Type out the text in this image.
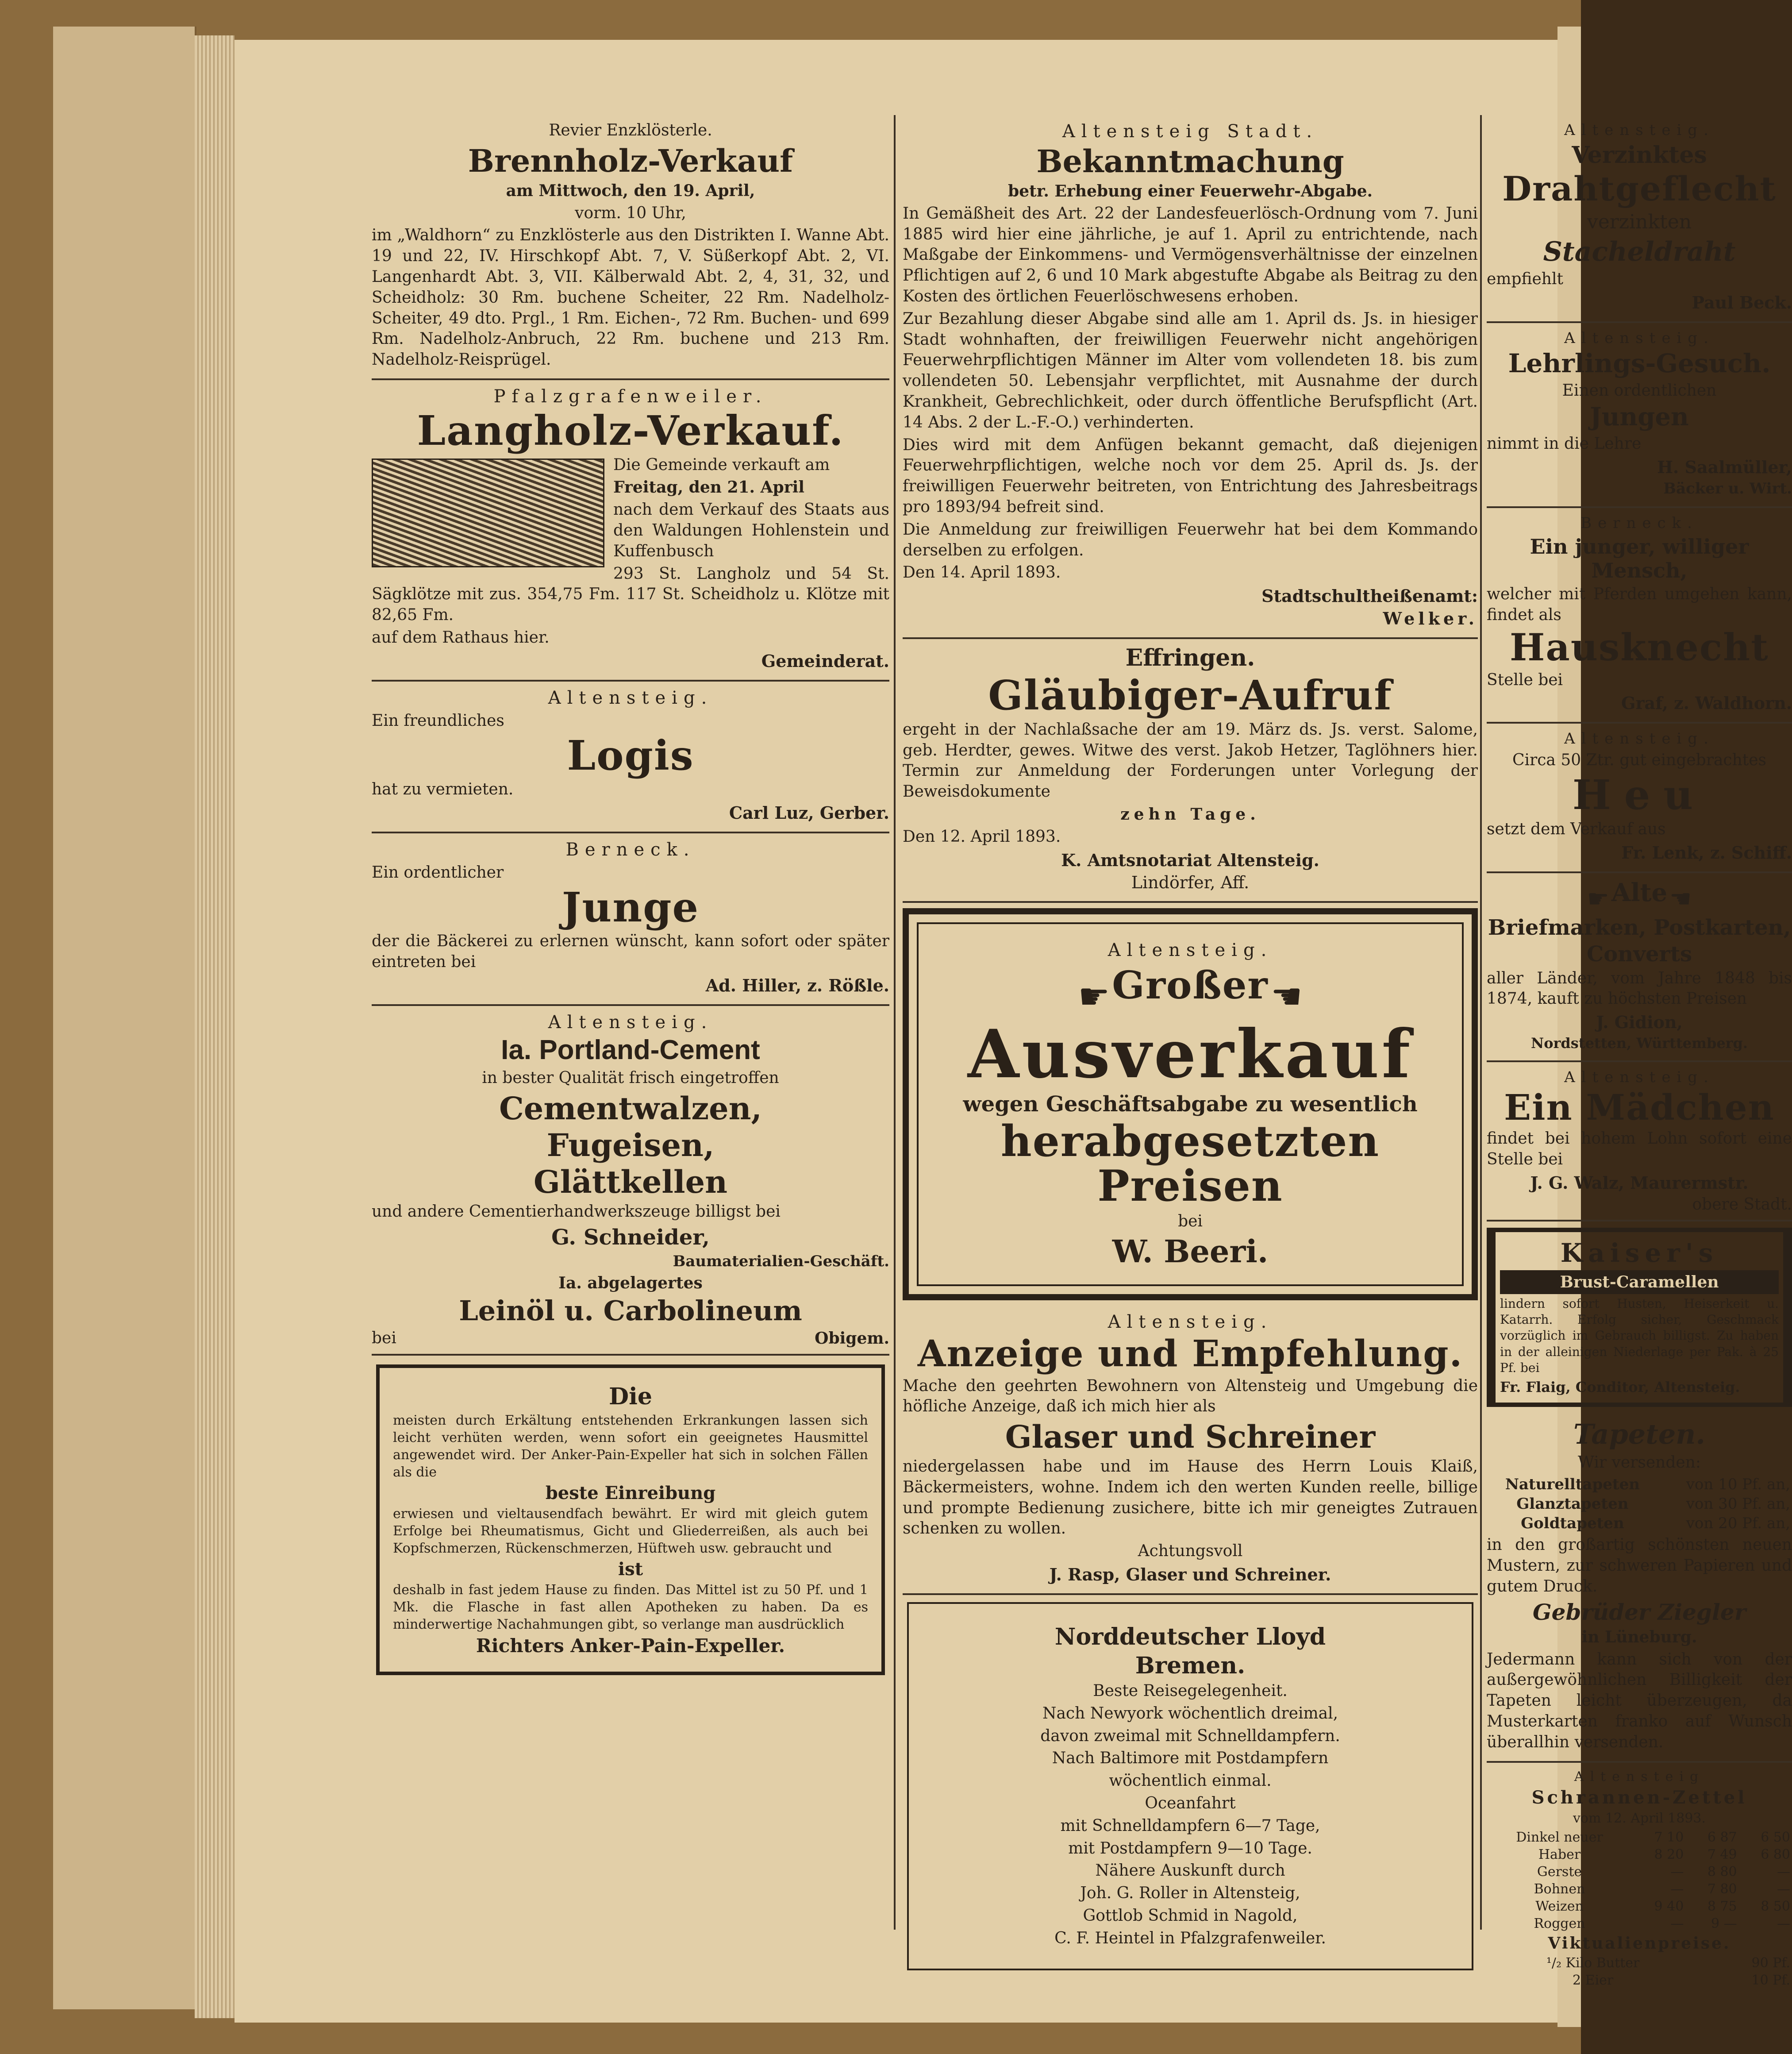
Revier Enzklösterle.
Brennholz-Verkauf
am Mittwoch, den 19. April,
vorm. 10 Uhr,
im „Waldhorn“ zu Enzklösterle aus den Distrikten I. Wanne Abt. 19 und 22, IV. Hirschkopf Abt. 7, V. Süßerkopf Abt. 2, VI. Langenhardt Abt. 3, VII. Kälberwald Abt. 2, 4, 31, 32, und Scheidholz: 30 Rm. buchene Scheiter, 22 Rm. Nadelholz-Scheiter, 49 dto. Prgl., 1 Rm. Eichen-, 72 Rm. Buchen- und 699 Rm. Nadelholz-Anbruch, 22 Rm. buchene und 213 Rm. Nadelholz-Reisprügel.
Pfalzgrafenweiler.
Langholz-Verkauf.
Die Gemeinde verkauft am
Freitag, den 21. April
nach dem Verkauf des Staats aus den Waldungen Hohlenstein und Kuffenbusch
293 St. Langholz und 54 St. Sägklötze mit zus. 354,75 Fm. 117 St. Scheidholz u. Klötze mit 82,65 Fm.
auf dem Rathaus hier.
Gemeinderat.
Altensteig.
Ein freundliches
Logis
hat zu vermieten.
Carl Luz, Gerber.
Berneck.
Ein ordentlicher
Junge
der die Bäckerei zu erlernen wünscht, kann sofort oder später eintreten bei
Ad. Hiller, z. Rößle.
Altensteig.
Ia. Portland-Cement
in bester Qualität frisch eingetroffen
Cementwalzen,
Fugeisen,
Glättkellen
und andere Cementierhandwerkszeuge billigst bei
G. Schneider,
Baumaterialien-Geschäft.
Ia. abgelagertes
Leinöl u. Carbolineum
bei	Obigem.
Die
meisten durch Erkältung entstehenden Erkrankungen lassen sich leicht verhüten werden, wenn sofort ein geeignetes Hausmittel angewendet wird. Der Anker-Pain-Expeller hat sich in solchen Fällen als die
beste Einreibung
erwiesen und vieltausendfach bewährt. Er wird mit gleich gutem Erfolge bei Rheumatismus, Gicht und Gliederreißen, als auch bei Kopfschmerzen, Rückenschmerzen, Hüftweh usw. gebraucht und
ist
deshalb in fast jedem Hause zu finden. Das Mittel ist zu 50 Pf. und 1 Mk. die Flasche in fast allen Apotheken zu haben. Da es minderwertige Nachahmungen gibt, so verlange man ausdrücklich
Richters Anker-Pain-Expeller.
Altensteig Stadt.
Bekanntmachung
betr. Erhebung einer Feuerwehr-Abgabe.
In Gemäßheit des Art. 22 der Landesfeuerlösch-Ordnung vom 7. Juni 1885 wird hier eine jährliche, je auf 1. April zu entrichtende, nach Maßgabe der Einkommens- und Vermögensverhältnisse der einzelnen Pflichtigen auf 2, 6 und 10 Mark abgestufte Abgabe als Beitrag zu den Kosten des örtlichen Feuerlöschwesens erhoben.
Zur Bezahlung dieser Abgabe sind alle am 1. April ds. Js. in hiesiger Stadt wohnhaften, der freiwilligen Feuerwehr nicht angehörigen Feuerwehrpflichtigen Männer im Alter vom vollendeten 18. bis zum vollendeten 50. Lebensjahr verpflichtet, mit Ausnahme der durch Krankheit, Gebrechlichkeit, oder durch öffentliche Berufspflicht (Art. 14 Abs. 2 der L.-F.-O.) verhinderten.
Dies wird mit dem Anfügen bekannt gemacht, daß diejenigen Feuerwehrpflichtigen, welche noch vor dem 25. April ds. Js. der freiwilligen Feuerwehr beitreten, von Entrichtung des Jahresbeitrags pro 1893/94 befreit sind.
Die Anmeldung zur freiwilligen Feuerwehr hat bei dem Kommando derselben zu erfolgen.
Den 14. April 1893.
Stadtschultheißenamt:
Welker.
Effringen.
Gläubiger-Aufruf
ergeht in der Nachlaßsache der am 19. März ds. Js. verst. Salome, geb. Herdter, gewes. Witwe des verst. Jakob Hetzer, Taglöhners hier. Termin zur Anmeldung der Forderungen unter Vorlegung der Beweisdokumente
zehn Tage.
Den 12. April 1893.
K. Amtsnotariat Altensteig.
Lindörfer, Aff.
Altensteig.
☛ Großer ☛
Ausverkauf
wegen Geschäftsabgabe zu wesentlich
herabgesetzten Preisen
bei
W. Beeri.
Altensteig.
Anzeige und Empfehlung.
Mache den geehrten Bewohnern von Altensteig und Umgebung die höfliche Anzeige, daß ich mich hier als
Glaser und Schreiner
niedergelassen habe und im Hause des Herrn Louis Klaiß, Bäckermeisters, wohne. Indem ich den werten Kunden reelle, billige und prompte Bedienung zusichere, bitte ich mir geneigtes Zutrauen schenken zu wollen.
Achtungsvoll
J. Rasp, Glaser und Schreiner.
Norddeutscher Lloyd
Bremen.
Beste Reisegelegenheit.
Nach Newyork wöchentlich dreimal,
davon zweimal mit Schnelldampfern.
Nach Baltimore mit Postdampfern
wöchentlich einmal.
Oceanfahrt
mit Schnelldampfern 6—7 Tage,
mit Postdampfern 9—10 Tage.
Nähere Auskunft durch
Joh. G. Roller in Altensteig,
Gottlob Schmid in Nagold,
C. F. Heintel in Pfalzgrafenweiler.
Altensteig.
Verzinktes
Drahtgeflecht
verzinkten
Stacheldraht
empfiehlt
Paul Beck.
Altensteig.
Lehrlings-Gesuch.
Einen ordentlichen
Jungen
nimmt in die Lehre
H. Saalmüller,
Bäcker u. Wirt.
Berneck.
Ein junger, williger Mensch,
welcher mit Pferden umgehen kann, findet als
Hausknecht
Stelle bei
Graf, z. Waldhorn.
Altensteig.
Circa 50 Ztr. gut eingebrachtes
Heu
setzt dem Verkauf aus
Fr. Lenk, z. Schiff.
☛ Alte ☛
Briefmarken, Postkarten,
Converts
aller Länder, vom Jahre 1848 bis 1874, kauft zu höchsten Preisen
J. Gidion,
Nordstetten, Württemberg.
Altensteig.
Ein Mädchen
findet bei hohem Lohn sofort eine Stelle bei
J. G. Walz, Maurermstr.
obere Stadt.
Kaiser's
Brust-Caramellen
lindern sofort Husten, Heiserkeit u. Katarrh. Erfolg sicher, Geschmack vorzüglich im Gebrauch billigst. Zu haben in der alleinigen Niederlage per Pak. à 25 Pf. bei
Fr. Flaig, Conditor, Altensteig.
Tapeten.
Wir versenden:
Naturelltapeten	von 10 Pf. an,
Glanztapeten	von 30 Pf. an,
Goldtapeten	von 20 Pf. an,
in den großartig schönsten neuen Mustern, zur schweren Papieren und gutem Druck.
Gebrüder Ziegler
in Lüneburg.
Jedermann kann sich von der außergewöhnlichen Billigkeit der Tapeten leicht überzeugen, da Musterkarten franko auf Wunsch überallhin versenden.
Altensteig
Schrannen-Zettel
vom 12. April 1893.
Dinkel neuer	7 10	6 87	6 50
Haber	8 20	7 49	6 80
Gerste	—	8 80	—
Bohnen	—	7 80	—
Weizen	9 40	8 75	8 50
Roggen	—	9 —	—
Viktualienpreise.
¹/₂ Kilo Butter	90 Pf.
2 Eier	10 Pf.
